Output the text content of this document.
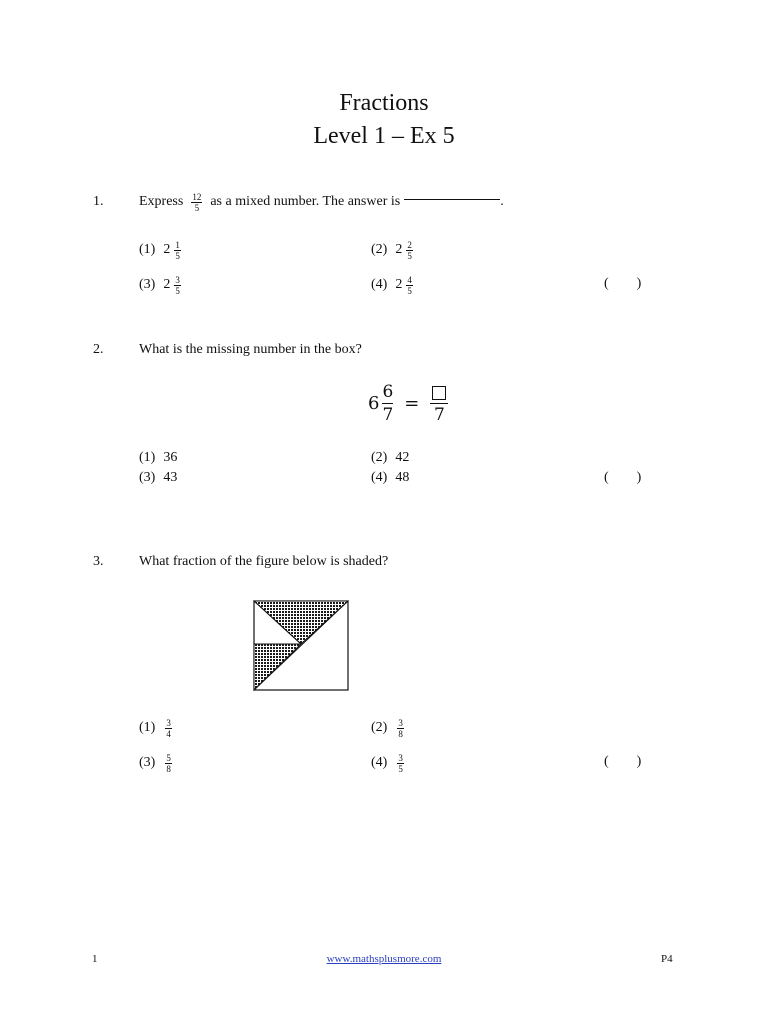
Fractions
Level 1 – Ex 5
1.	Express $\frac{12}{5}$ as a mixed number. The answer is	.
(1) $2 \frac{1}{5}$	(2) $2 \frac{2}{5}$
(3) $2 \frac{3}{5}$	(4) $2 \frac{4}{5}$	(        )
2.	What is the missing number in the box?
6
6
7
=
7
(1) 36	(2) 42
(3) 43	(4) 48	(        )
3.	What fraction of the figure below is shaded?
$(1) \frac{3}{4}$	$(2) \frac{3}{8}$
$(3) \frac{5}{8}$	$(4) \frac{3}{5}$	(        )
1	www.mathsplusmore.com	P4
